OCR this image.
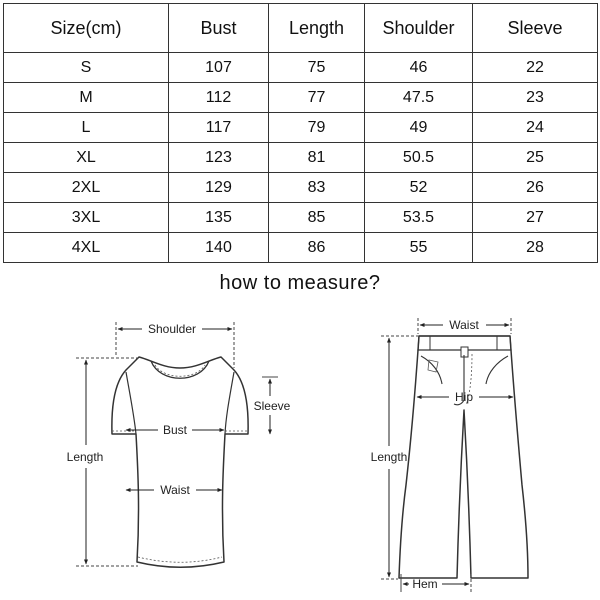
Size(cm)	Bust	Length	Shoulder	Sleeve
S	107	75	46	22
M	112	77	47.5	23
L	117	79	49	24
XL	123	81	50.5	25
2XL	129	83	52	26
3XL	135	85	53.5	27
4XL	140	86	55	28
how to measure?
Shoulder
Sleeve
Bust
Waist
Length
Waist
Hip
Length
Hem
